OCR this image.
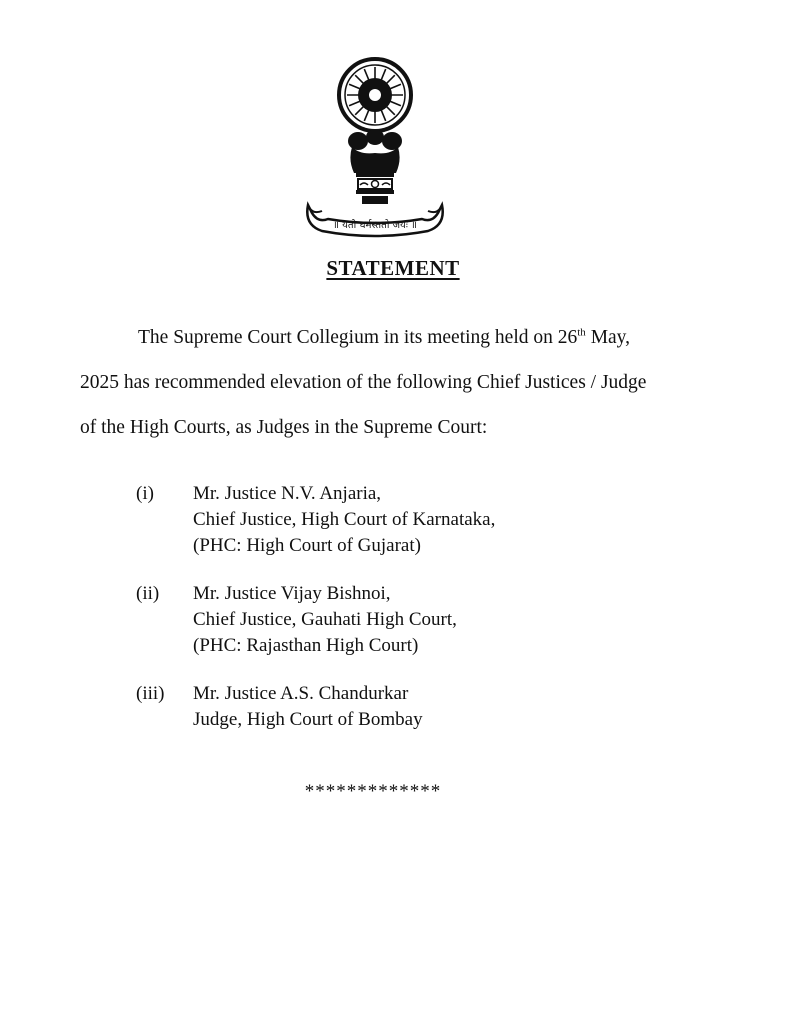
॥ यतो धर्मस्ततो जयः ॥
STATEMENT
The Supreme Court Collegium in its meeting held on 26th May,
2025 has recommended elevation of the following Chief Justices / Judge
of the High Courts, as Judges in the Supreme Court:
(i) Mr. Justice N.V. Anjaria,
Chief Justice, High Court of Karnataka,
(PHC: High Court of Gujarat)
(ii) Mr. Justice Vijay Bishnoi,
Chief Justice, Gauhati High Court,
(PHC: Rajasthan High Court)
(iii) Mr. Justice A.S. Chandurkar
Judge, High Court of Bombay
*************
